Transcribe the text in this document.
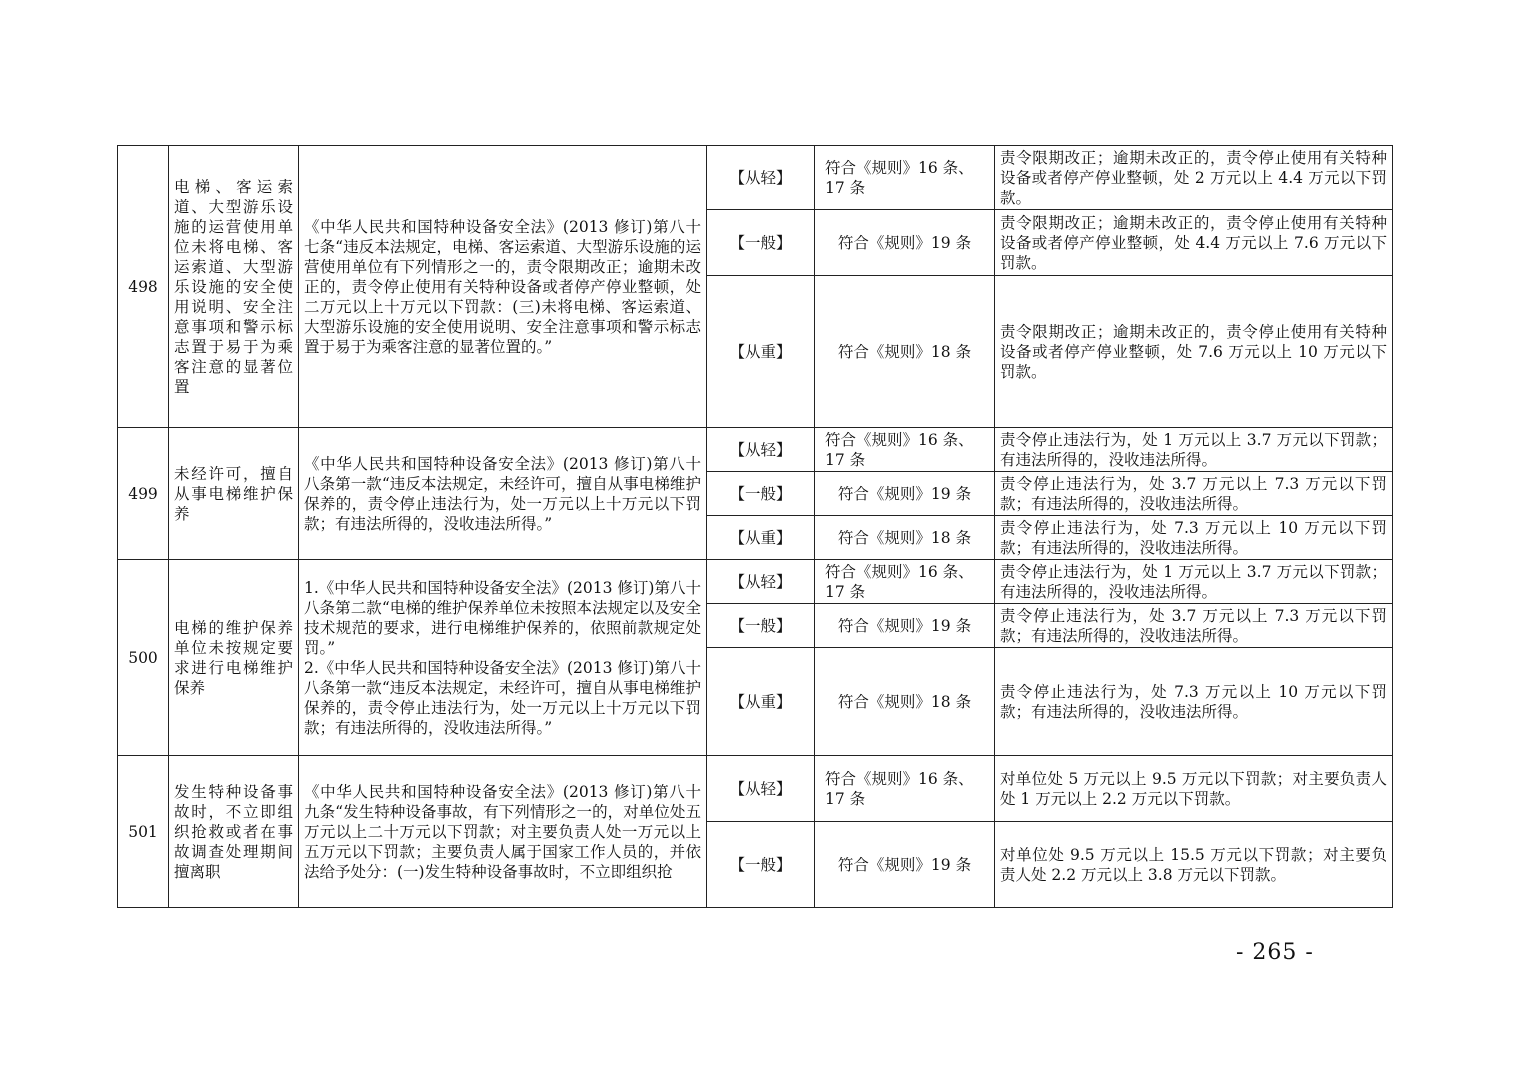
498	电梯、客运索道、大型游乐设施的运营使用单位未将电梯、客运索道、大型游乐设施的安全使用说明、安全注意事项和警示标志置于易于为乘客注意的显著位置	《中华人民共和国特种设备安全法》(2013 修订)第八十七条“违反本法规定，电梯、客运索道、大型游乐设施的运营使用单位有下列情形之一的，责令限期改正；逾期未改正的，责令停止使用有关特种设备或者停产停业整顿，处二万元以上十万元以下罚款：(三)未将电梯、客运索道、大型游乐设施的安全使用说明、安全注意事项和警示标志置于易于为乘客注意的显著位置的。”	【从轻】	符合《规则》16 条、17 条	责令限期改正；逾期未改正的，责令停止使用有关特种设备或者停产停业整顿，处 2 万元以上 4.4 万元以下罚款。
			【一般】	符合《规则》19 条	责令限期改正；逾期未改正的，责令停止使用有关特种设备或者停产停业整顿，处 4.4 万元以上 7.6 万元以下罚款。
			【从重】	符合《规则》18 条	责令限期改正；逾期未改正的，责令停止使用有关特种设备或者停产停业整顿，处 7.6 万元以上 10 万元以下罚款。
499	未经许可，擅自从事电梯维护保养	《中华人民共和国特种设备安全法》(2013 修订)第八十八条第一款“违反本法规定，未经许可，擅自从事电梯维护保养的，责令停止违法行为，处一万元以上十万元以下罚款；有违法所得的，没收违法所得。”	【从轻】	符合《规则》16 条、17 条	责令停止违法行为，处 1 万元以上 3.7 万元以下罚款；有违法所得的，没收违法所得。
			【一般】	符合《规则》19 条	责令停止违法行为，处 3.7 万元以上 7.3 万元以下罚款；有违法所得的，没收违法所得。
			【从重】	符合《规则》18 条	责令停止违法行为，处 7.3 万元以上 10 万元以下罚款；有违法所得的，没收违法所得。
500	电梯的维护保养单位未按规定要求进行电梯维护保养	1.《中华人民共和国特种设备安全法》(2013 修订)第八十八条第二款“电梯的维护保养单位未按照本法规定以及安全技术规范的要求，进行电梯维护保养的，依照前款规定处罚。”
2.《中华人民共和国特种设备安全法》(2013 修订)第八十八条第一款“违反本法规定，未经许可，擅自从事电梯维护保养的，责令停止违法行为，处一万元以上十万元以下罚款；有违法所得的，没收违法所得。”	【从轻】	符合《规则》16 条、17 条	责令停止违法行为，处 1 万元以上 3.7 万元以下罚款；有违法所得的，没收违法所得。
			【一般】	符合《规则》19 条	责令停止违法行为，处 3.7 万元以上 7.3 万元以下罚款；有违法所得的，没收违法所得。
			【从重】	符合《规则》18 条	责令停止违法行为，处 7.3 万元以上 10 万元以下罚款；有违法所得的，没收违法所得。
501	发生特种设备事故时，不立即组织抢救或者在事故调查处理期间擅离职	《中华人民共和国特种设备安全法》(2013 修订)第八十九条“发生特种设备事故，有下列情形之一的，对单位处五万元以上二十万元以下罚款；对主要负责人处一万元以上五万元以下罚款；主要负责人属于国家工作人员的，并依法给予处分：(一)发生特种设备事故时，不立即组织抢	【从轻】	符合《规则》16 条、17 条	对单位处 5 万元以上 9.5 万元以下罚款；对主要负责人处 1 万元以上 2.2 万元以下罚款。
			【一般】	符合《规则》19 条	对单位处 9.5 万元以上 15.5 万元以下罚款；对主要负责人处 2.2 万元以上 3.8 万元以下罚款。
- 265 -
